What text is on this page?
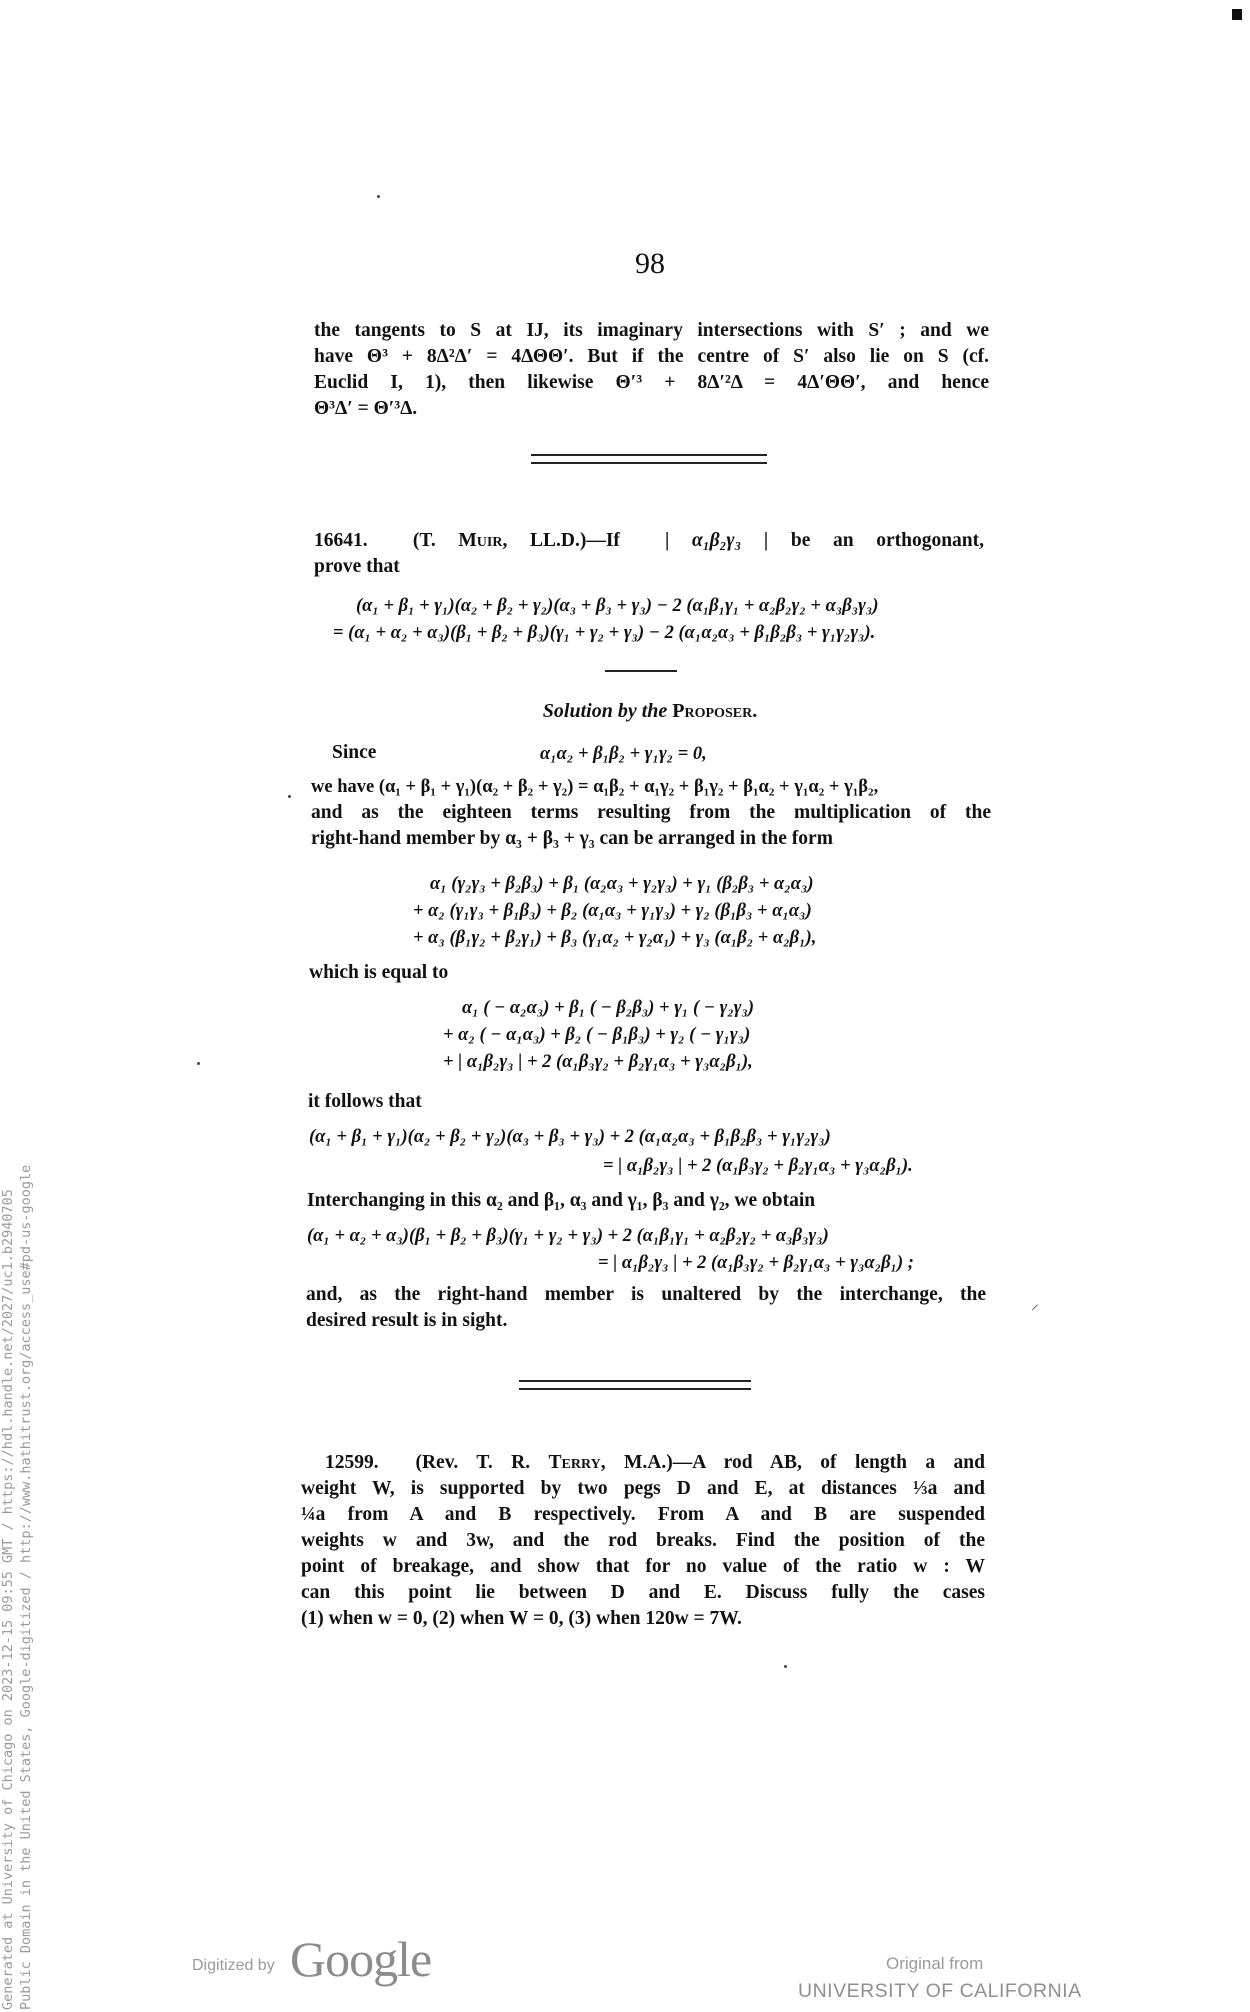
98

the tangents to S at IJ, its imaginary intersections with S′ ; and we

have Θ³ + 8Δ²Δ′ = 4ΔΘΘ′. But if the centre of S′ also lie on S (cf.

Euclid I, 1), then likewise Θ′³ + 8Δ′²Δ = 4Δ′ΘΘ′, and hence

Θ³Δ′ = Θ′³Δ.

16641. (T. Muir, LL.D.)—If | α₁β₂γ₃ | be an orthogonant,

prove that

(α₁ + β₁ + γ₁)(α₂ + β₂ + γ₂)(α₃ + β₃ + γ₃) − 2 (α₁β₁γ₁ + α₂β₂γ₂ + α₃β₃γ₃)
= (α₁ + α₂ + α₃)(β₁ + β₂ + β₃)(γ₁ + γ₂ + γ₃) − 2 (α₁α₂α₃ + β₁β₂β₃ + γ₁γ₂γ₃).
Solution by the Proposer.

Since	α₁α₂ + β₁β₂ + γ₁γ₂ = 0,

we have (α₁ + β₁ + γ₁)(α₂ + β₂ + γ₂) = α₁β₂ + α₁γ₂ + β₁γ₂ + β₁α₂ + γ₁α₂ + γ₁β₂,

and as the eighteen terms resulting from the multiplication of the

right-hand member by α₃ + β₃ + γ₃ can be arranged in the form

α₁ (γ₂γ₃ + β₂β₃) + β₁ (α₂α₃ + γ₂γ₃) + γ₁ (β₂β₃ + α₂α₃)
+ α₂ (γ₁γ₃ + β₁β₃) + β₂ (α₁α₃ + γ₁γ₃) + γ₂ (β₁β₃ + α₁α₃)
+ α₃ (β₁γ₂ + β₂γ₁) + β₃ (γ₁α₂ + γ₂α₁) + γ₃ (α₁β₂ + α₂β₁),

which is equal to

α₁ ( − α₂α₃) + β₁ ( − β₂β₃) + γ₁ ( − γ₂γ₃)
+ α₂ ( − α₁α₃) + β₂ ( − β₁β₃) + γ₂ ( − γ₁γ₃)
+ | α₁β₂γ₃ | + 2 (α₁β₃γ₂ + β₂γ₁α₃ + γ₃α₂β₁),

it follows that

(α₁ + β₁ + γ₁)(α₂ + β₂ + γ₂)(α₃ + β₃ + γ₃) + 2 (α₁α₂α₃ + β₁β₂β₃ + γ₁γ₂γ₃)
= | α₁β₂γ₃ | + 2 (α₁β₃γ₂ + β₂γ₁α₃ + γ₃α₂β₁).

Interchanging in this α₂ and β₁, α₃ and γ₁, β₃ and γ₂, we obtain

(α₁ + α₂ + α₃)(β₁ + β₂ + β₃)(γ₁ + γ₂ + γ₃) + 2 (α₁β₁γ₁ + α₂β₂γ₂ + α₃β₃γ₃)
= | α₁β₂γ₃ | + 2 (α₁β₃γ₂ + β₂γ₁α₃ + γ₃α₂β₁) ;

and, as the right-hand member is unaltered by the interchange, the

desired result is in sight.

⸝

12599. (Rev. T. R. Terry, M.A.)—A rod AB, of length a and

weight W, is supported by two pegs D and E, at distances ⅓a and

¼a from A and B respectively. From A and B are suspended

weights w and 3w, and the rod breaks. Find the position of the

point of breakage, and show that for no value of the ratio w : W

can this point lie between D and E. Discuss fully the cases

(1) when w = 0, (2) when W = 0, (3) when 120w = 7W.

Generated at University of Chicago on 2023-12-15 09:55 GMT / https://hdl.handle.net/2027/uc1.b2940705 Public Domain in the United States, Google-digitized / http://www.hathitrust.org/access_use#pd-us-google	Digitized by Google	Original from
UNIVERSITY OF CALIFORNIA
